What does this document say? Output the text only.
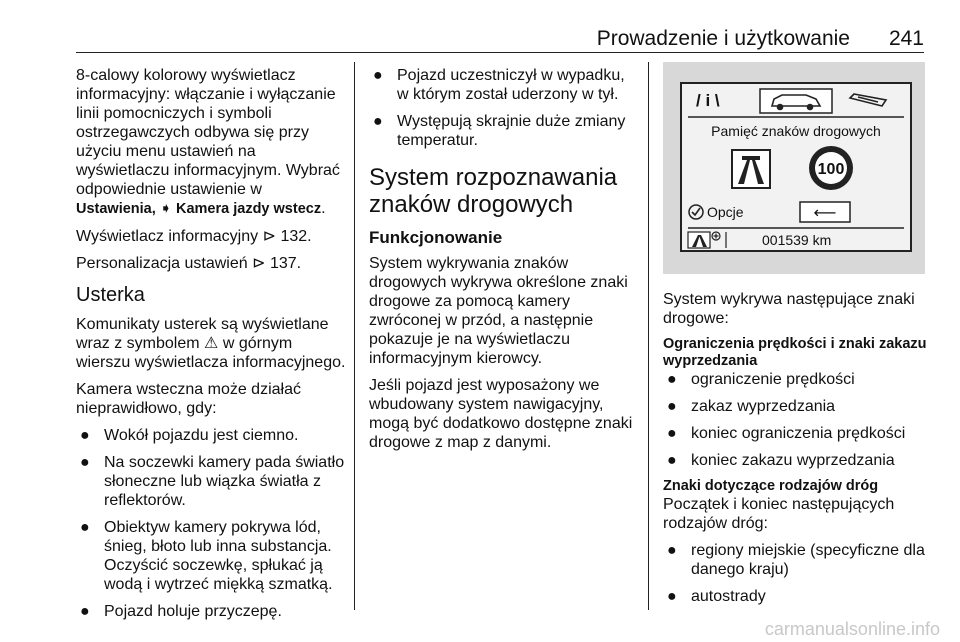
Prowadzenie i użytkowanie 241

8-calowy kolorowy wyświetlacz informacyjny: włączanie i wyłączanie linii pomocniczych i symboli ostrzegawczych odbywa się przy użyciu menu ustawień na wyświetlaczu informacyjnym. Wybrać odpowiednie ustawienie w Ustawienia, ➧ Kamera jazdy wstecz.

Wyświetlacz informacyjny ⊳ 132.

Personalizacja ustawień ⊳ 137.

Usterka

Komunikaty usterek są wyświetlane wraz z symbolem ⚠ w górnym wierszu wyświetlacza informacyjnego.

Kamera wsteczna może działać nieprawidłowo, gdy:

● Wokół pojazdu jest ciemno.
● Na soczewki kamery pada światło słoneczne lub wiązka światła z reflektorów.
● Obiektyw kamery pokrywa lód, śnieg, błoto lub inna substancja. Oczyścić soczewkę, spłukać ją wodą i wytrzeć miękką szmatką.
● Pojazd holuje przyczepę.
● Pojazd uczestniczył w wypadku, w którym został uderzony w tył.
● Występują skrajnie duże zmiany temperatur.
System rozpoznawania znaków drogowych
Funkcjonowanie

System wykrywania znaków drogowych wykrywa określone znaki drogowe za pomocą kamery zwróconej w przód, a następnie pokazuje je na wyświetlaczu informacyjnym kierowcy.

Jeśli pojazd jest wyposażony we wbudowany system nawigacyjny, mogą być dodatkowo dostępne znaki drogowe z map z danymi.

/ i \
Pamięć znaków drogowych
100
Opcje	⟵
001539 km

System wykrywa następujące znaki drogowe:

Ograniczenia prędkości i znaki zakazu wyprzedzania

● ograniczenie prędkości
● zakaz wyprzedzania
● koniec ograniczenia prędkości
● koniec zakazu wyprzedzania

Znaki dotyczące rodzajów dróg

Początek i koniec następujących rodzajów dróg:

● regiony miejskie (specyficzne dla danego kraju)
● autostrady
carmanualsonline.info
